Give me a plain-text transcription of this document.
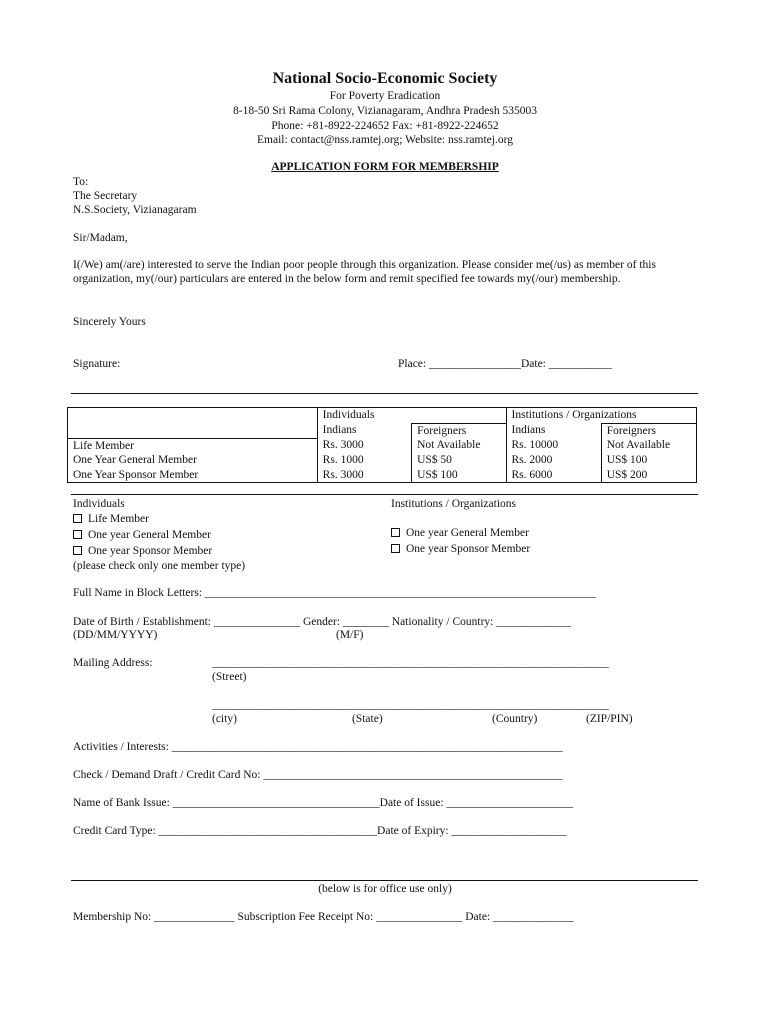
National Socio-Economic Society
For Poverty Eradication
8-18-50 Sri Rama Colony, Vizianagaram, Andhra Pradesh 535003
Phone: +81-8922-224652 Fax: +81-8922-224652
Email: contact@nss.ramtej.org; Website: nss.ramtej.org
APPLICATION FORM FOR MEMBERSHIP
To:
The Secretary
N.S.Society, Vizianagaram
Sir/Madam,
I(/We) am(/are) interested to serve the Indian poor people through this organization. Please consider me(/us) as member of this organization, my(/our) particulars are entered in the below form and remit specified fee towards my(/our) membership.
Sincerely Yours
Signature:	Place: ________________Date: ___________
	Individuals		Institutions / Organizations	
	Indians	Foreigners	Indians	Foreigners
Life Member	Rs. 3000	Not Available	Rs. 10000	Not Available
One Year General Member	Rs. 1000	US$ 50	Rs. 2000	US$ 100
One Year Sponsor Member	Rs. 3000	US$ 100	Rs. 6000	US$ 200
Individuals
Life Member
One year General Member
One year Sponsor Member
(please check only one member type)
Institutions / Organizations
One year General Member
One year Sponsor Member
Full Name in Block Letters: ____________________________________________________________________
Date of Birth / Establishment: _______________ Gender: ________ Nationality / Country: _____________
(DD/MM/YYYY)	(M/F)
Mailing Address:	_____________________________________________________________________
(Street)
_____________________________________________________________________
(city)	(State)	(Country)	(ZIP/PIN)
Activities / Interests: ____________________________________________________________________
Check / Demand Draft / Credit Card No: ____________________________________________________
Name of Bank Issue: ____________________________________Date of Issue: ______________________
Credit Card Type: ______________________________________Date of Expiry: ____________________
(below is for office use only)
Membership No: ______________ Subscription Fee Receipt No: _______________ Date: ______________
